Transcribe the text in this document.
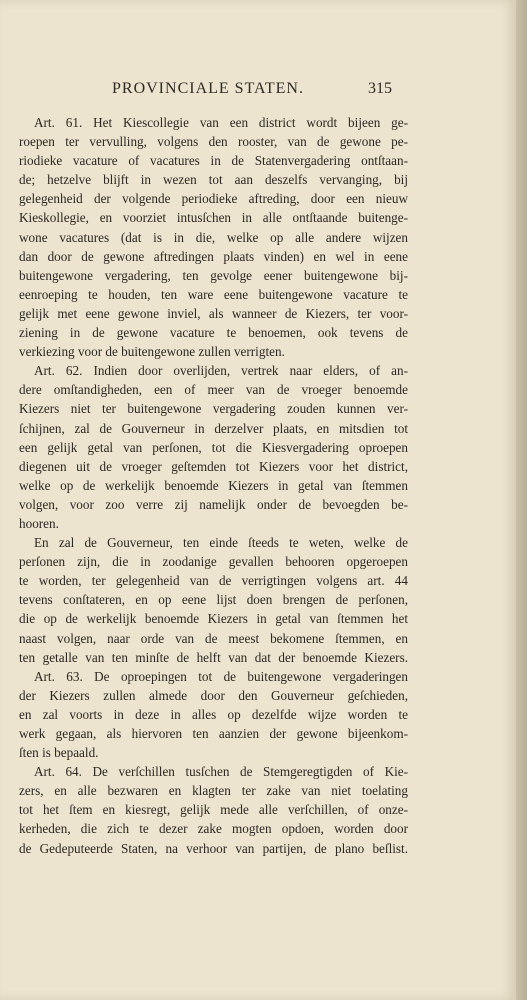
PROVINCIALE STATEN.	315
Art. 61. Het Kiescollegie van een district wordt bijeen ge-
roepen ter vervulling, volgens den rooster, van de gewone pe-
riodieke vacature of vacatures in de Statenvergadering ontſtaan-
de; hetzelve blijft in wezen tot aan deszelfs vervanging, bij
gelegenheid der volgende periodieke aftreding, door een nieuw
Kieskollegie, en voorziet intusſchen in alle ontſtaande buitenge-
wone vacatures (dat is in die, welke op alle andere wijzen
dan door de gewone aftredingen plaats vinden) en wel in eene
buitengewone vergadering, ten gevolge eener buitengewone bij-
eenroeping te houden, ten ware eene buitengewone vacature te
gelijk met eene gewone inviel, als wanneer de Kiezers, ter voor-
ziening in de gewone vacature te benoemen, ook tevens de
verkiezing voor de buitengewone zullen verrigten.
Art. 62. Indien door overlijden, vertrek naar elders, of an-
dere omſtandigheden, een of meer van de vroeger benoemde
Kiezers niet ter buitengewone vergadering zouden kunnen ver-
ſchijnen, zal de Gouverneur in derzelver plaats, en mitsdien tot
een gelijk getal van perſonen, tot die Kiesvergadering oproepen
diegenen uit de vroeger geſtemden tot Kiezers voor het district,
welke op de werkelijk benoemde Kiezers in getal van ſtemmen
volgen, voor zoo verre zij namelijk onder de bevoegden be-
hooren.
En zal de Gouverneur, ten einde ſteeds te weten, welke de
perſonen zijn, die in zoodanige gevallen behooren opgeroepen
te worden, ter gelegenheid van de verrigtingen volgens art. 44
tevens conſtateren, en op eene lijst doen brengen de perſonen,
die op de werkelijk benoemde Kiezers in getal van ſtemmen het
naast volgen, naar orde van de meest bekomene ſtemmen, en
ten getalle van ten minſte de helft van dat der benoemde Kiezers.
Art. 63. De oproepingen tot de buitengewone vergaderingen
der Kiezers zullen almede door den Gouverneur geſchieden,
en zal voorts in deze in alles op dezelfde wijze worden te
werk gegaan, als hiervoren ten aanzien der gewone bijeenkom-
ſten is bepaald.
Art. 64. De verſchillen tusſchen de Stemgeregtigden of Kie-
zers, en alle bezwaren en klagten ter zake van niet toelating
tot het ſtem en kiesregt, gelijk mede alle verſchillen, of onze-
kerheden, die zich te dezer zake mogten opdoen, worden door
de Gedeputeerde Staten, na verhoor van partijen, de plano beſlist.
